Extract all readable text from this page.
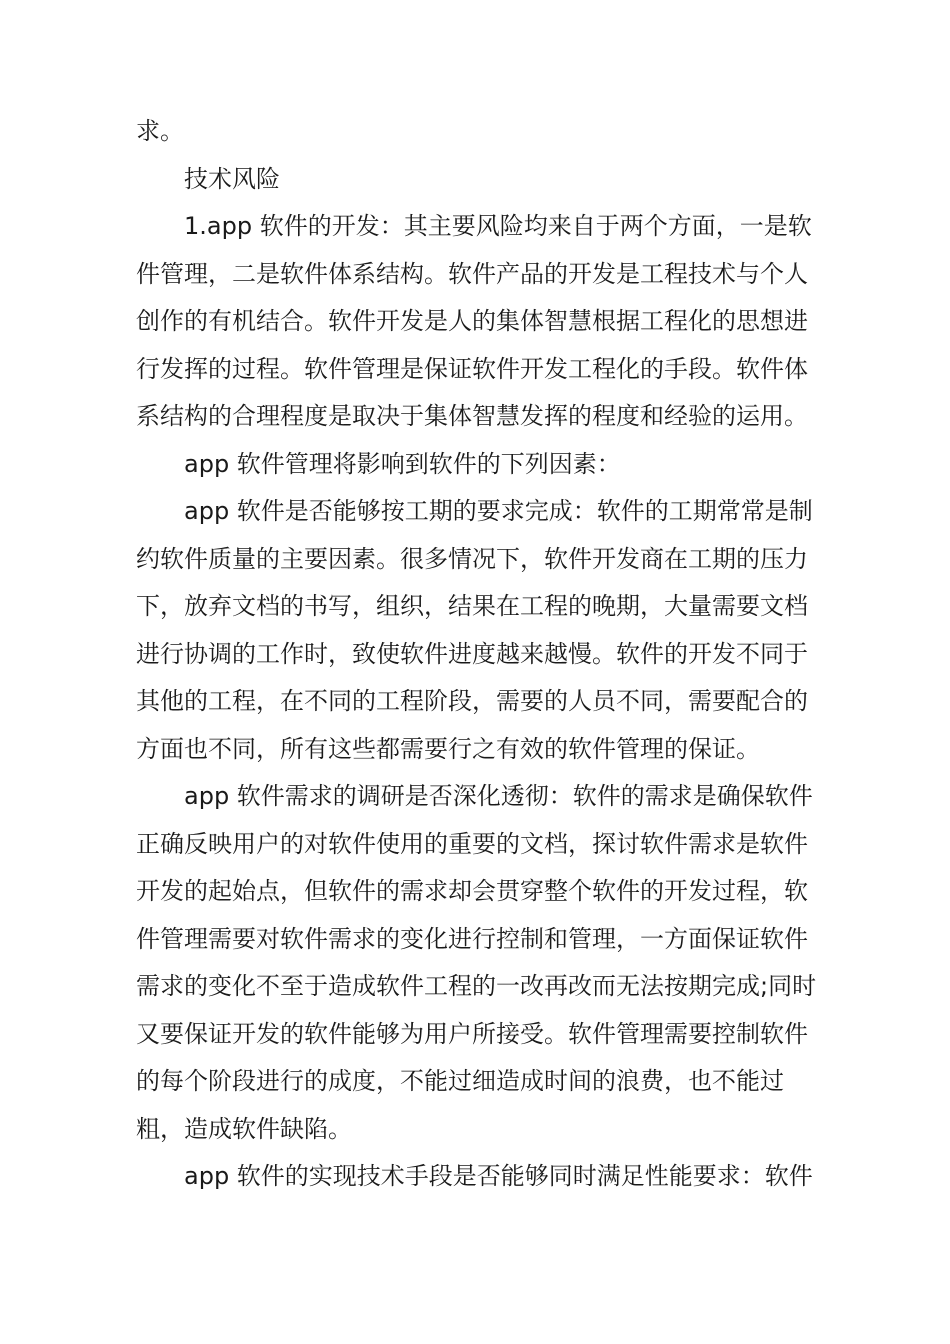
求。
技术风险
1.app 软件的开发：其主要风险均来自于两个方面，一是软
件管理，二是软件体系结构。软件产品的开发是工程技术与个人
创作的有机结合。软件开发是人的集体智慧根据工程化的思想进
行发挥的过程。软件管理是保证软件开发工程化的手段。软件体
系结构的合理程度是取决于集体智慧发挥的程度和经验的运用。
app 软件管理将影响到软件的下列因素：
app 软件是否能够按工期的要求完成：软件的工期常常是制
约软件质量的主要因素。很多情况下，软件开发商在工期的压力
下，放弃文档的书写，组织，结果在工程的晚期，大量需要文档
进行协调的工作时，致使软件进度越来越慢。软件的开发不同于
其他的工程，在不同的工程阶段，需要的人员不同，需要配合的
方面也不同，所有这些都需要行之有效的软件管理的保证。
app 软件需求的调研是否深化透彻：软件的需求是确保软件
正确反映用户的对软件使用的重要的文档，探讨软件需求是软件
开发的起始点，但软件的需求却会贯穿整个软件的开发过程，软
件管理需要对软件需求的变化进行控制和管理，一方面保证软件
需求的变化不至于造成软件工程的一改再改而无法按期完成;同时
又要保证开发的软件能够为用户所接受。软件管理需要控制软件
的每个阶段进行的成度，不能过细造成时间的浪费，也不能过
粗，造成软件缺陷。
app 软件的实现技术手段是否能够同时满足性能要求：软件
